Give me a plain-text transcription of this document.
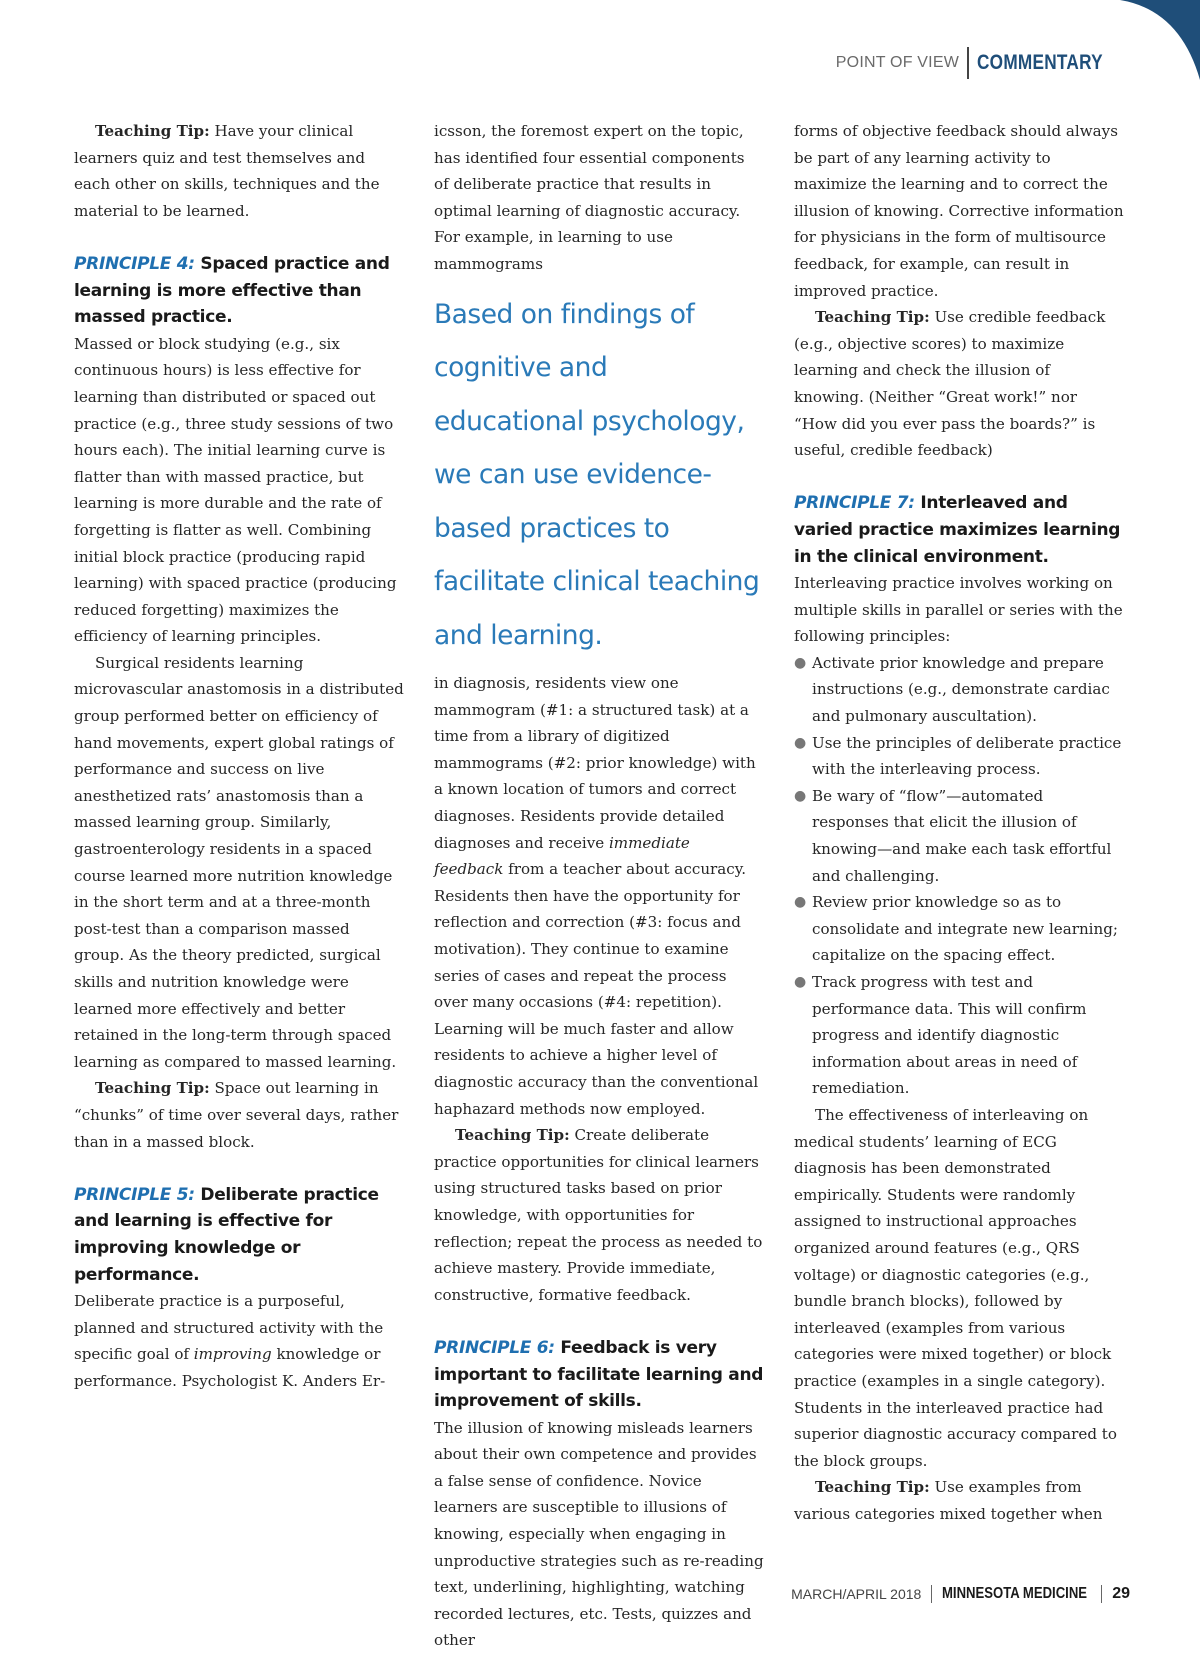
POINT OF VIEW COMMENTARY

Teaching Tip: Have your clinical learners quiz and test themselves and each other on skills, techniques and the material to be learned.

PRINCIPLE 4: Spaced practice and learning is more effective than massed practice.

Massed or block studying (e.g., six continuous hours) is less effective for learning than distributed or spaced out practice (e.g., three study sessions of two hours each). The initial learning curve is flatter than with massed practice, but learning is more durable and the rate of forgetting is flatter as well. Combining initial block practice (producing rapid learning) with spaced practice (producing reduced forgetting) maximizes the efficiency of learning principles.

Surgical residents learning microvascular anastomosis in a distributed group performed better on efficiency of hand movements, expert global ratings of performance and success on live anesthetized rats’ anastomosis than a massed learning group. Similarly, gastroenterology residents in a spaced course learned more nutrition knowledge in the short term and at a three-month post-test than a comparison massed group. As the theory predicted, surgical skills and nutrition knowledge were learned more effectively and better retained in the long-term through spaced learning as compared to massed learning.

Teaching Tip: Space out learning in “chunks” of time over several days, rather than in a massed block.

PRINCIPLE 5: Deliberate practice and learning is effective for improving knowledge or performance.

Deliberate practice is a purposeful, planned and structured activity with the specific goal of improving knowledge or performance. Psychologist K. Anders Er-

icsson, the foremost expert on the topic, has identified four essential components of deliberate practice that results in optimal learning of diagnostic accuracy. For example, in learning to use mammograms

Based on findings of cognitive and educational psychology, we can use evidence-based practices to facilitate clinical teaching and learning.

in diagnosis, residents view one mammogram (#1: a structured task) at a time from a library of digitized mammograms (#2: prior knowledge) with a known location of tumors and correct diagnoses. Residents provide detailed diagnoses and receive immediate feedback from a teacher about accuracy. Residents then have the opportunity for reflection and correction (#3: focus and motivation). They continue to examine series of cases and repeat the process over many occasions (#4: repetition). Learning will be much faster and allow residents to achieve a higher level of diagnostic accuracy than the conventional haphazard methods now employed.

Teaching Tip: Create deliberate practice opportunities for clinical learners using structured tasks based on prior knowledge, with opportunities for reflection; repeat the process as needed to achieve mastery. Provide immediate, constructive, formative feedback.

PRINCIPLE 6: Feedback is very important to facilitate learning and improvement of skills.

The illusion of knowing misleads learners about their own competence and provides a false sense of confidence. Novice learners are susceptible to illusions of knowing, especially when engaging in unproductive strategies such as re-reading text, underlining, highlighting, watching recorded lectures, etc. Tests, quizzes and other

forms of objective feedback should always be part of any learning activity to maximize the learning and to correct the illusion of knowing. Corrective information for physicians in the form of multisource feedback, for example, can result in improved practice.

Teaching Tip: Use credible feedback (e.g., objective scores) to maximize learning and check the illusion of knowing. (Neither “Great work!” nor “How did you ever pass the boards?” is useful, credible feedback)

PRINCIPLE 7: Interleaved and varied practice maximizes learning in the clinical environment.

Interleaving practice involves working on multiple skills in parallel or series with the following principles:

● Activate prior knowledge and prepare instructions (e.g., demonstrate cardiac and pulmonary auscultation).
● Use the principles of deliberate practice with the interleaving process.
● Be wary of “flow”—automated responses that elicit the illusion of knowing—and make each task effortful and challenging.
● Review prior knowledge so as to consolidate and integrate new learning; capitalize on the spacing effect.
● Track progress with test and performance data. This will confirm progress and identify diagnostic information about areas in need of remediation.

The effectiveness of interleaving on medical students’ learning of ECG diagnosis has been demonstrated empirically. Students were randomly assigned to instructional approaches organized around features (e.g., QRS voltage) or diagnostic categories (e.g., bundle branch blocks), followed by interleaved (examples from various categories were mixed together) or block practice (examples in a single category). Students in the interleaved practice had superior diagnostic accuracy compared to the block groups.

Teaching Tip: Use examples from various categories mixed together when

MARCH/APRIL 2018 MINNESOTA MEDICINE 29
